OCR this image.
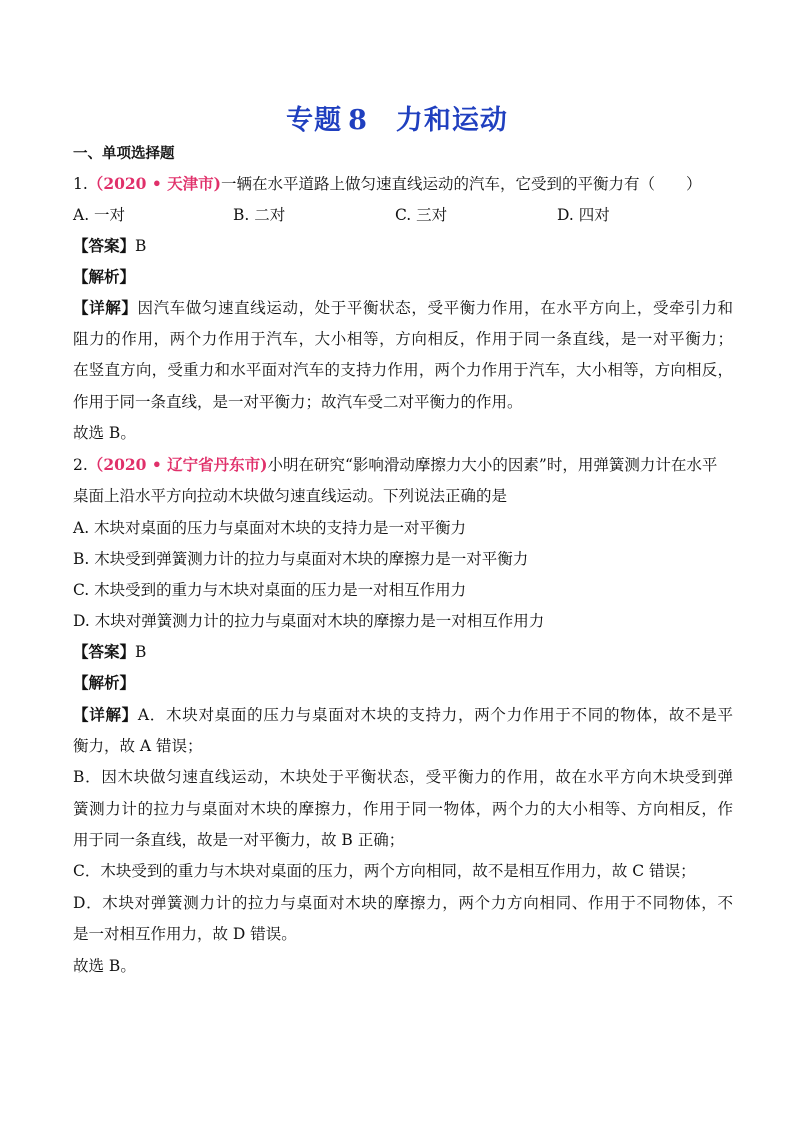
专题 8 力和运动
一、单项选择题
1.（2020 • 天津市)一辆在水平道路上做匀速直线运动的汽车，它受到的平衡力有（　　）
A. 一对	B. 二对	C. 三对	D. 四对
【答案】B
【解析】
【详解】因汽车做匀速直线运动，处于平衡状态，受平衡力作用，在水平方向上，受牵引力和
阻力的作用，两个力作用于汽车，大小相等，方向相反，作用于同一条直线，是一对平衡力；
在竖直方向，受重力和水平面对汽车的支持力作用，两个力作用于汽车，大小相等，方向相反，
作用于同一条直线，是一对平衡力；故汽车受二对平衡力的作用。
故选 B。
2.（2020 • 辽宁省丹东市)小明在研究“影响滑动摩擦力大小的因素”时，用弹簧测力计在水平
桌面上沿水平方向拉动木块做匀速直线运动。下列说法正确的是
A. 木块对桌面的压力与桌面对木块的支持力是一对平衡力
B. 木块受到弹簧测力计的拉力与桌面对木块的摩擦力是一对平衡力
C. 木块受到的重力与木块对桌面的压力是一对相互作用力
D. 木块对弹簧测力计的拉力与桌面对木块的摩擦力是一对相互作用力
【答案】B
【解析】
【详解】A．木块对桌面的压力与桌面对木块的支持力，两个力作用于不同的物体，故不是平
衡力，故 A 错误；
B．因木块做匀速直线运动，木块处于平衡状态，受平衡力的作用，故在水平方向木块受到弹
簧测力计的拉力与桌面对木块的摩擦力，作用于同一物体，两个力的大小相等、方向相反，作
用于同一条直线，故是一对平衡力，故 B 正确；
C．木块受到的重力与木块对桌面的压力，两个方向相同，故不是相互作用力，故 C 错误；
D．木块对弹簧测力计的拉力与桌面对木块的摩擦力，两个力方向相同、作用于不同物体，不
是一对相互作用力，故 D 错误。
故选 B。
